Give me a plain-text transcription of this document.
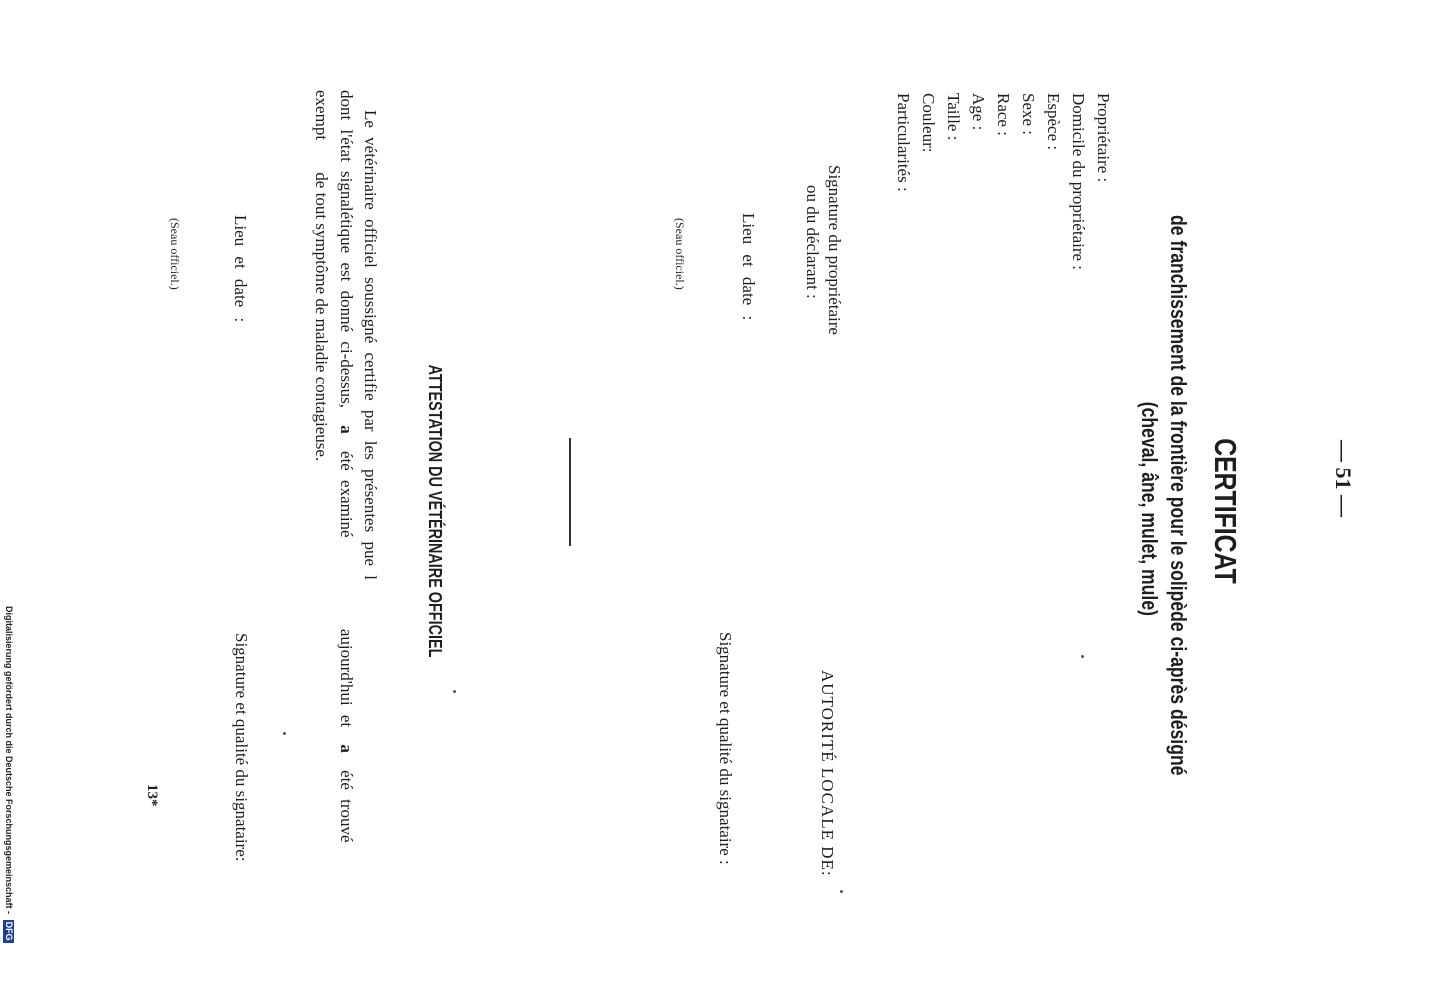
— 51 —
CERTIFICAT
de franchissement de la frontière pour le solipède ci-après désigné
(cheval, âne, mulet, mule)
Propriétaire :
Domicile du propriétaire :
Espèce :
Sexe :
Race :
Age :
Taille :
Couleur:
Particularités :
Signature du propriétaire
ou du déclarant :
AUTORITÉ LOCALE DE:
Lieu et date :
Signature et qualité du signataire :
(Seau officiel.)
ATTESTATION DU VÉTÉRINAIRE OFFICIEL
Le vétérinaire officiel soussigné certifie par les présentes pue l
dont l'état signalétique est donné ci-dessus, a été examiné aujourd'hui et a été trouvé
exempt de tout symptôme de maladie contagieuse.
Lieu et date :
Signature et qualité du signataire:
(Seau officiel.)
13*
Digitalisierung gefördert durch die Deutsche Forschungsgemeinschaft - DFG
